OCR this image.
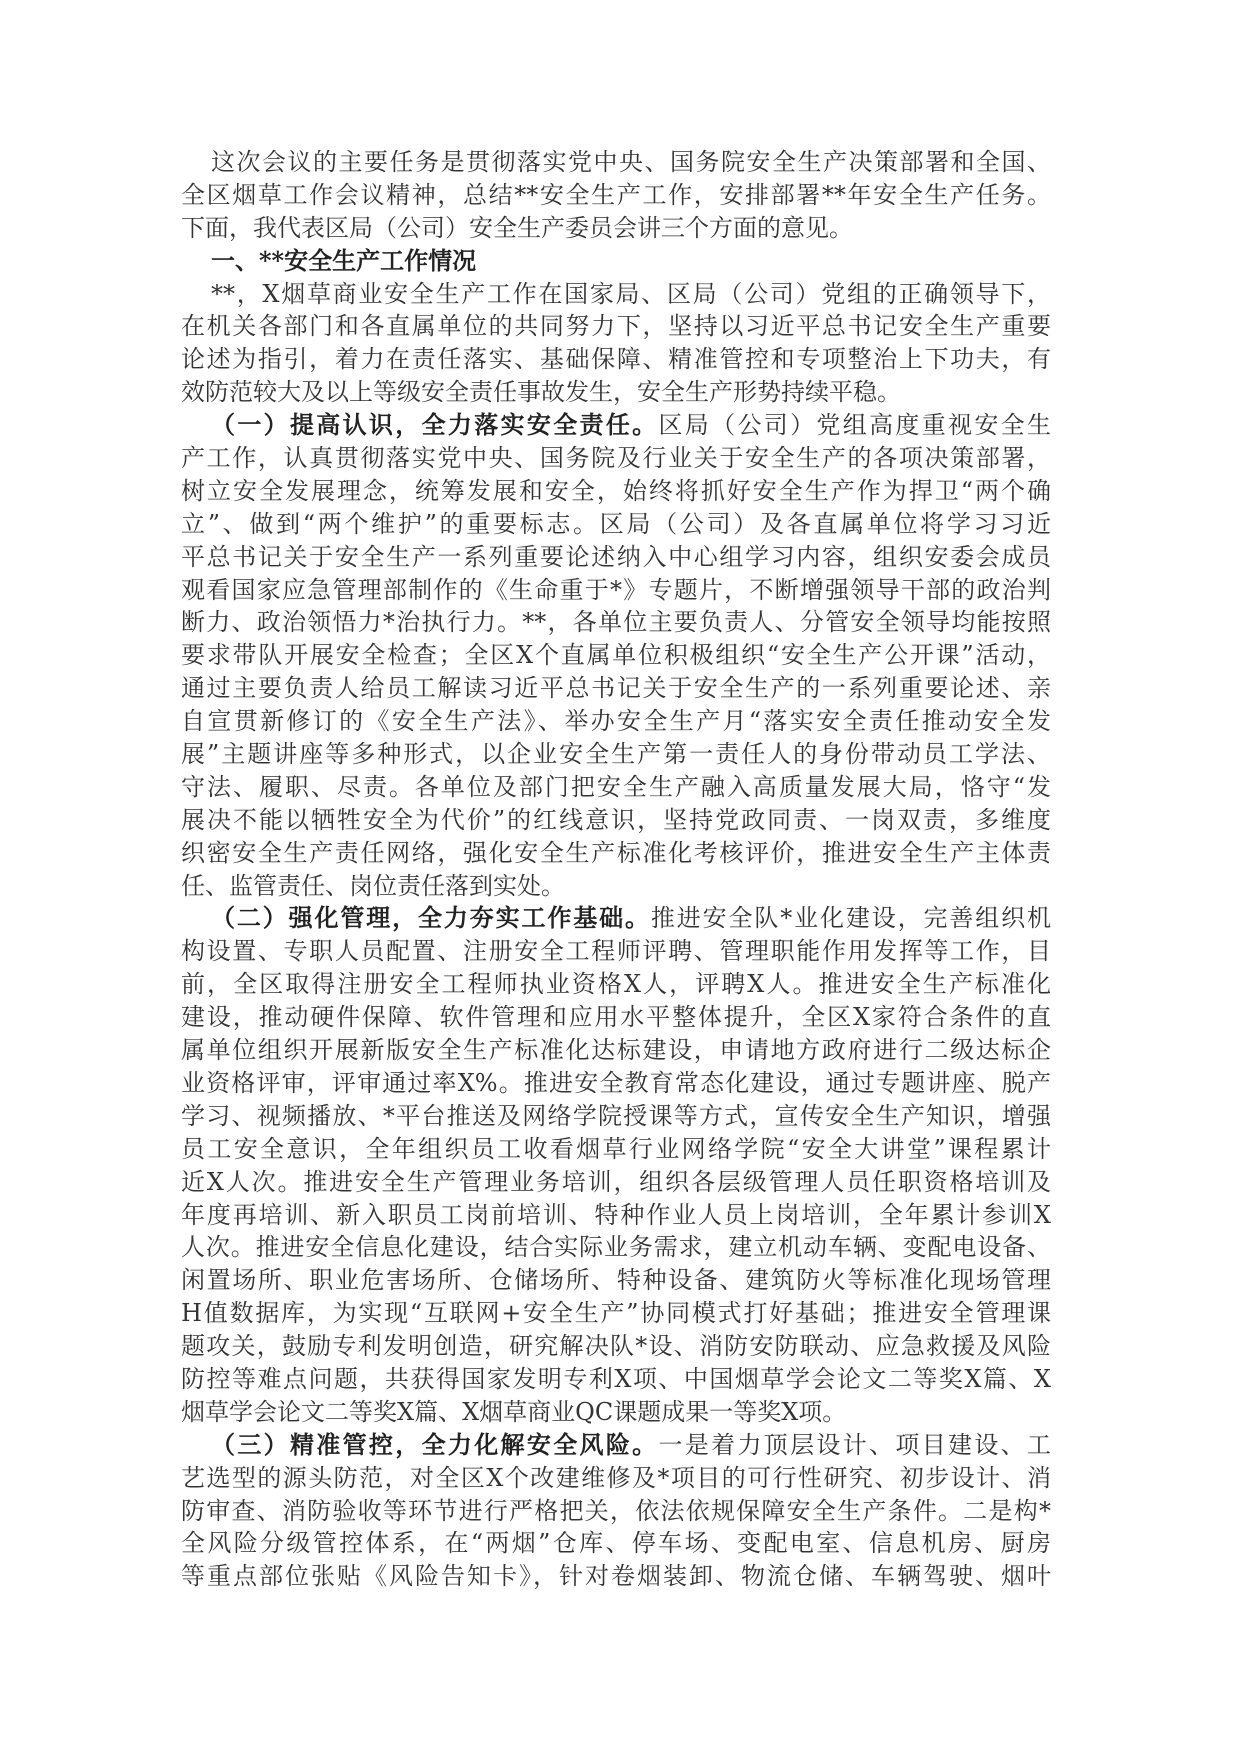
这次会议的主要任务是贯彻落实党中央、国务院安全生产决策部署和全国、
全区烟草工作会议精神，总结**安全生产工作，安排部署**年安全生产任务。
下面，我代表区局（公司）安全生产委员会讲三个方面的意见。
一、**安全生产工作情况
**，X烟草商业安全生产工作在国家局、区局（公司）党组的正确领导下，
在机关各部门和各直属单位的共同努力下，坚持以习近平总书记安全生产重要
论述为指引，着力在责任落实、基础保障、精准管控和专项整治上下功夫，有
效防范较大及以上等级安全责任事故发生，安全生产形势持续平稳。
（一）提高认识，全力落实安全责任。区局（公司）党组高度重视安全生
产工作，认真贯彻落实党中央、国务院及行业关于安全生产的各项决策部署，
树立安全发展理念，统筹发展和安全，始终将抓好安全生产作为捍卫“两个确
立”、做到“两个维护”的重要标志。区局（公司）及各直属单位将学习习近
平总书记关于安全生产一系列重要论述纳入中心组学习内容，组织安委会成员
观看国家应急管理部制作的《生命重于*》专题片，不断增强领导干部的政治判
断力、政治领悟力*治执行力。**，各单位主要负责人、分管安全领导均能按照
要求带队开展安全检查；全区X个直属单位积极组织“安全生产公开课”活动，
通过主要负责人给员工解读习近平总书记关于安全生产的一系列重要论述、亲
自宣贯新修订的《安全生产法》、举办安全生产月“落实安全责任推动安全发
展”主题讲座等多种形式，以企业安全生产第一责任人的身份带动员工学法、
守法、履职、尽责。各单位及部门把安全生产融入高质量发展大局，恪守“发
展决不能以牺牲安全为代价”的红线意识，坚持党政同责、一岗双责，多维度
织密安全生产责任网络，强化安全生产标准化考核评价，推进安全生产主体责
任、监管责任、岗位责任落到实处。
（二）强化管理，全力夯实工作基础。推进安全队*业化建设，完善组织机
构设置、专职人员配置、注册安全工程师评聘、管理职能作用发挥等工作，目
前，全区取得注册安全工程师执业资格X人，评聘X人。推进安全生产标准化
建设，推动硬件保障、软件管理和应用水平整体提升，全区X家符合条件的直
属单位组织开展新版安全生产标准化达标建设，申请地方政府进行二级达标企
业资格评审，评审通过率X%。推进安全教育常态化建设，通过专题讲座、脱产
学习、视频播放、*平台推送及网络学院授课等方式，宣传安全生产知识，增强
员工安全意识，全年组织员工收看烟草行业网络学院“安全大讲堂”课程累计
近X人次。推进安全生产管理业务培训，组织各层级管理人员任职资格培训及
年度再培训、新入职员工岗前培训、特种作业人员上岗培训，全年累计参训X
人次。推进安全信息化建设，结合实际业务需求，建立机动车辆、变配电设备、
闲置场所、职业危害场所、仓储场所、特种设备、建筑防火等标准化现场管理
H值数据库，为实现“互联网+安全生产”协同模式打好基础；推进安全管理课
题攻关，鼓励专利发明创造，研究解决队*设、消防安防联动、应急救援及风险
防控等难点问题，共获得国家发明专利X项、中国烟草学会论文二等奖X篇、X
烟草学会论文二等奖X篇、X烟草商业QC课题成果一等奖X项。
（三）精准管控，全力化解安全风险。一是着力顶层设计、项目建设、工
艺选型的源头防范，对全区X个改建维修及*项目的可行性研究、初步设计、消
防审查、消防验收等环节进行严格把关，依法依规保障安全生产条件。二是构*
全风险分级管控体系，在“两烟”仓库、停车场、变配电室、信息机房、厨房
等重点部位张贴《风险告知卡》，针对卷烟装卸、物流仓储、车辆驾驶、烟叶
